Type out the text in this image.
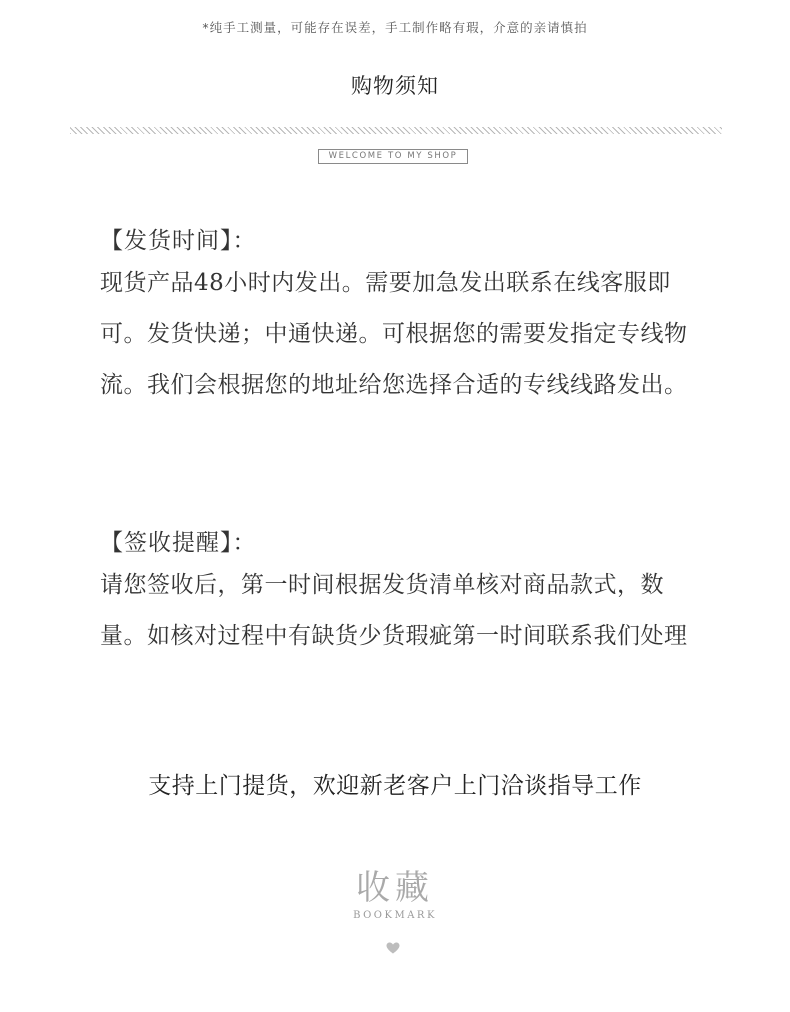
*纯手工测量，可能存在误差，手工制作略有瑕，介意的亲请慎拍
购物须知
WELCOME TO MY SHOP
【发货时间】：
现货产品48小时内发出。需要加急发出联系在线客服即可。发货快递；中通快递。可根据您的需要发指定专线物流。我们会根据您的地址给您选择合适的专线线路发出。
【签收提醒】：
请您签收后，第一时间根据发货清单核对商品款式，数量。如核对过程中有缺货少货瑕疵第一时间联系我们处理
支持上门提货，欢迎新老客户上门洽谈指导工作
收藏
BOOKMARK
